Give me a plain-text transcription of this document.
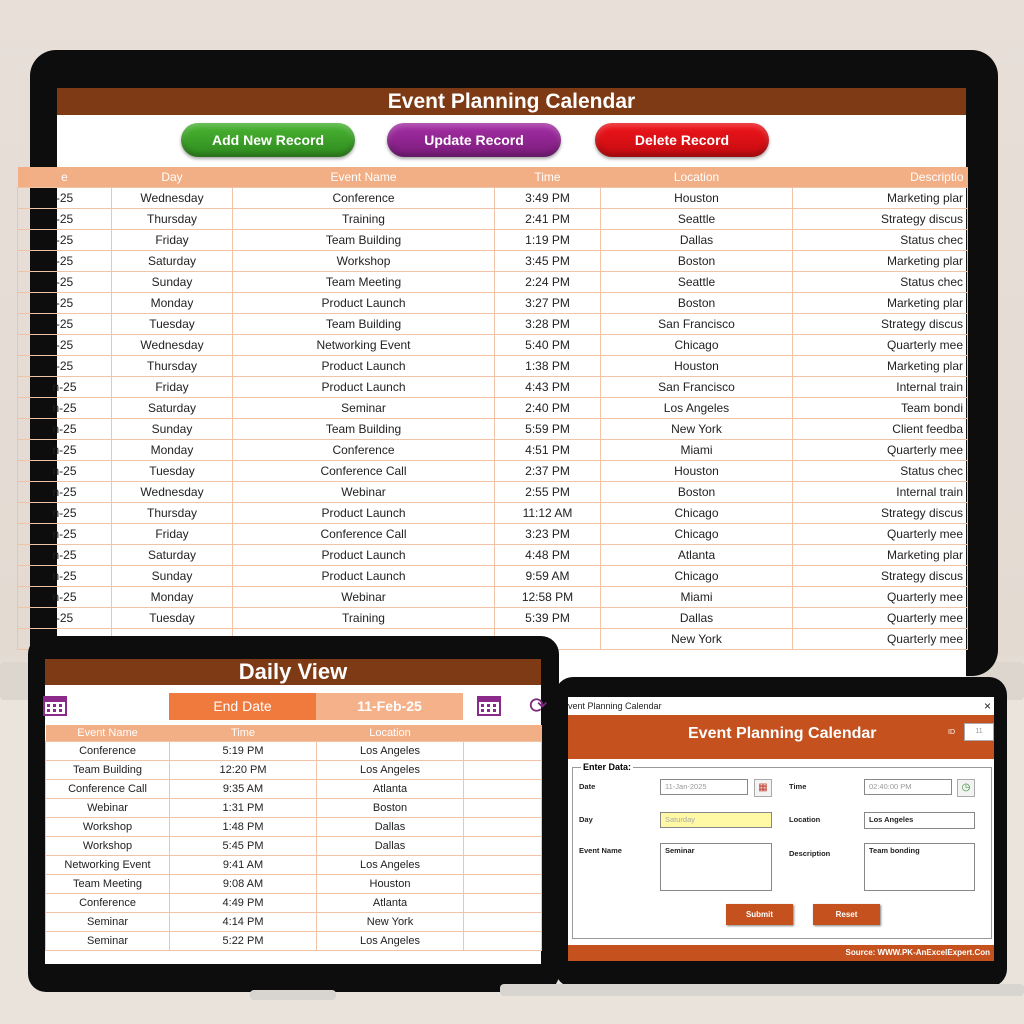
Event Planning Calendar
Add New Record	Update Record	Delete Record
e	Day	Event Name	Time	Location	Descriptio
-25	Wednesday	Conference	3:49 PM	Houston	Marketing plar
-25	Thursday	Training	2:41 PM	Seattle	Strategy discus
-25	Friday	Team Building	1:19 PM	Dallas	Status chec
-25	Saturday	Workshop	3:45 PM	Boston	Marketing plar
-25	Sunday	Team Meeting	2:24 PM	Seattle	Status chec
-25	Monday	Product Launch	3:27 PM	Boston	Marketing plar
-25	Tuesday	Team Building	3:28 PM	San Francisco	Strategy discus
-25	Wednesday	Networking Event	5:40 PM	Chicago	Quarterly mee
-25	Thursday	Product Launch	1:38 PM	Houston	Marketing plar
n-25	Friday	Product Launch	4:43 PM	San Francisco	Internal train
n-25	Saturday	Seminar	2:40 PM	Los Angeles	Team bondi
n-25	Sunday	Team Building	5:59 PM	New York	Client feedba
n-25	Monday	Conference	4:51 PM	Miami	Quarterly mee
n-25	Tuesday	Conference Call	2:37 PM	Houston	Status chec
n-25	Wednesday	Webinar	2:55 PM	Boston	Internal train
n-25	Thursday	Product Launch	11:12 AM	Chicago	Strategy discus
n-25	Friday	Conference Call	3:23 PM	Chicago	Quarterly mee
n-25	Saturday	Product Launch	4:48 PM	Atlanta	Marketing plar
n-25	Sunday	Product Launch	9:59 AM	Chicago	Strategy discus
n-25	Monday	Webinar	12:58 PM	Miami	Quarterly mee
-25	Tuesday	Training	5:39 PM	Dallas	Quarterly mee
				New York	Quarterly mee
Daily View
End Date	11-Feb-25	⟳
Event Name	Time	Location	
Conference	5:19 PM	Los Angeles	
Team Building	12:20 PM	Los Angeles	
Conference Call	9:35 AM	Atlanta	
Webinar	1:31 PM	Boston	
Workshop	1:48 PM	Dallas	
Workshop	5:45 PM	Dallas	
Networking Event	9:41 AM	Los Angeles	
Team Meeting	9:08 AM	Houston	
Conference	4:49 PM	Atlanta	
Seminar	4:14 PM	New York	
Seminar	5:22 PM	Los Angeles	
vent Planning Calendar	×
Event Planning Calendar	ID	11
Enter Data:
Date	11-Jan-2025	▦	Time	02:40:00 PM	◷
Day	Saturday	Location	Los Angeles
Event Name	Seminar	Description	Team bonding
Submit	Reset
Source: WWW.PK-AnExcelExpert.Con
